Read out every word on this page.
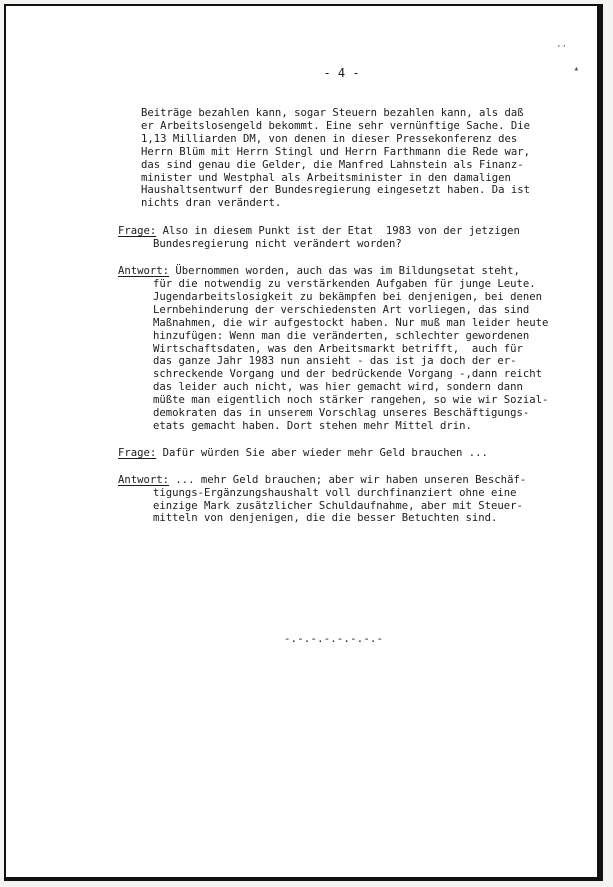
··
▴
- 4 -
Beiträge bezahlen kann, sogar Steuern bezahlen kann, als daß
er Arbeitslosengeld bekommt. Eine sehr vernünftige Sache. Die
1,13 Milliarden DM, von denen in dieser Pressekonferenz des
Herrn Blüm mit Herrn Stingl und Herrn Farthmann die Rede war,
das sind genau die Gelder, die Manfred Lahnstein als Finanz-
minister und Westphal als Arbeitsminister in den damaligen
Haushaltsentwurf der Bundesregierung eingesetzt haben. Da ist
nichts dran verändert.
Frage: Also in diesem Punkt ist der Etat  1983 von der jetzigen
Bundesregierung nicht verändert worden?
Antwort: Übernommen worden, auch das was im Bildungsetat steht,
für die notwendig zu verstärkenden Aufgaben für junge Leute.
Jugendarbeitslosigkeit zu bekämpfen bei denjenigen, bei denen
Lernbehinderung der verschiedensten Art vorliegen, das sind
Maßnahmen, die wir aufgestockt haben. Nur muß man leider heute
hinzufügen: Wenn man die veränderten, schlechter gewordenen
Wirtschaftsdaten, was den Arbeitsmarkt betrifft,  auch für
das ganze Jahr 1983 nun ansieht - das ist ja doch der er-
schreckende Vorgang und der bedrückende Vorgang -,dann reicht
das leider auch nicht, was hier gemacht wird, sondern dann
müßte man eigentlich noch stärker rangehen, so wie wir Sozial-
demokraten das in unserem Vorschlag unseres Beschäftigungs-
etats gemacht haben. Dort stehen mehr Mittel drin.
Frage: Dafür würden Sie aber wieder mehr Geld brauchen ...
Antwort: ... mehr Geld brauchen; aber wir haben unseren Beschäf-
tigungs-Ergänzungshaushalt voll durchfinanziert ohne eine
einzige Mark zusätzlicher Schuldaufnahme, aber mit Steuer-
mitteln von denjenigen, die die besser Betuchten sind.
-.-.-.-.-.-.-.-
